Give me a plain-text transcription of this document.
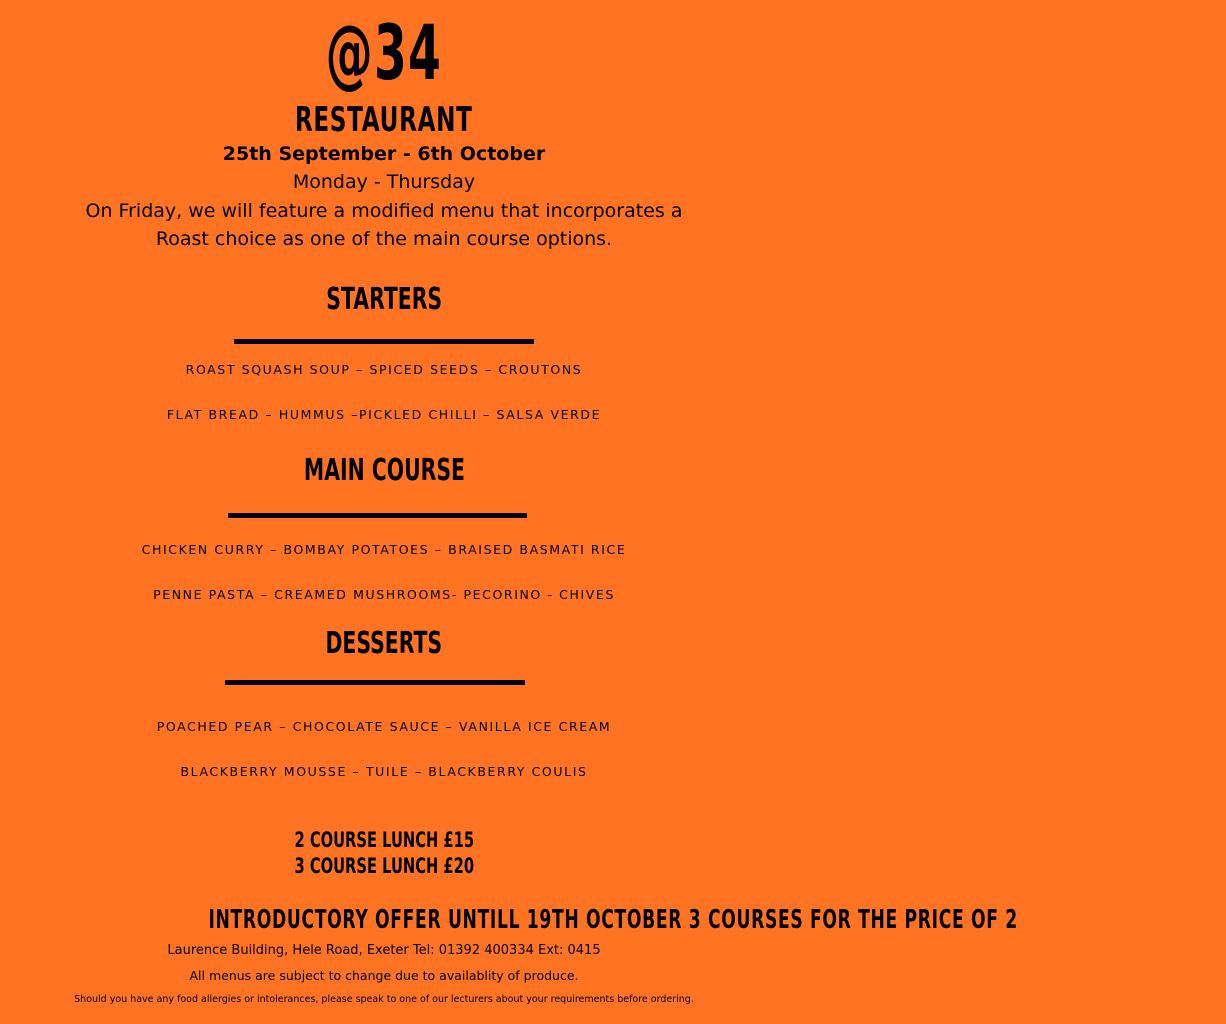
@34
RESTAURANT
25th September - 6th October
Monday - Thursday
On Friday, we will feature a modified menu that incorporates a
Roast choice as one of the main course options.
STARTERS
ROAST SQUASH SOUP – SPICED SEEDS – CROUTONS
FLAT BREAD – HUMMUS –PICKLED CHILLI – SALSA VERDE
MAIN COURSE
CHICKEN CURRY – BOMBAY POTATOES – BRAISED BASMATI RICE
PENNE PASTA – CREAMED MUSHROOMS- PECORINO - CHIVES
DESSERTS
POACHED PEAR – CHOCOLATE SAUCE – VANILLA ICE CREAM
BLACKBERRY MOUSSE – TUILE – BLACKBERRY COULIS
2 COURSE LUNCH £15
3 COURSE LUNCH £20
INTRODUCTORY OFFER UNTILL 19TH OCTOBER 3 COURSES FOR THE PRICE OF 2
Laurence Building, Hele Road, Exeter Tel: 01392 400334 Ext: 0415
All menus are subject to change due to availablity of produce.
Should you have any food allergies or intolerances, please speak to one of our lecturers about your requirements before ordering.
